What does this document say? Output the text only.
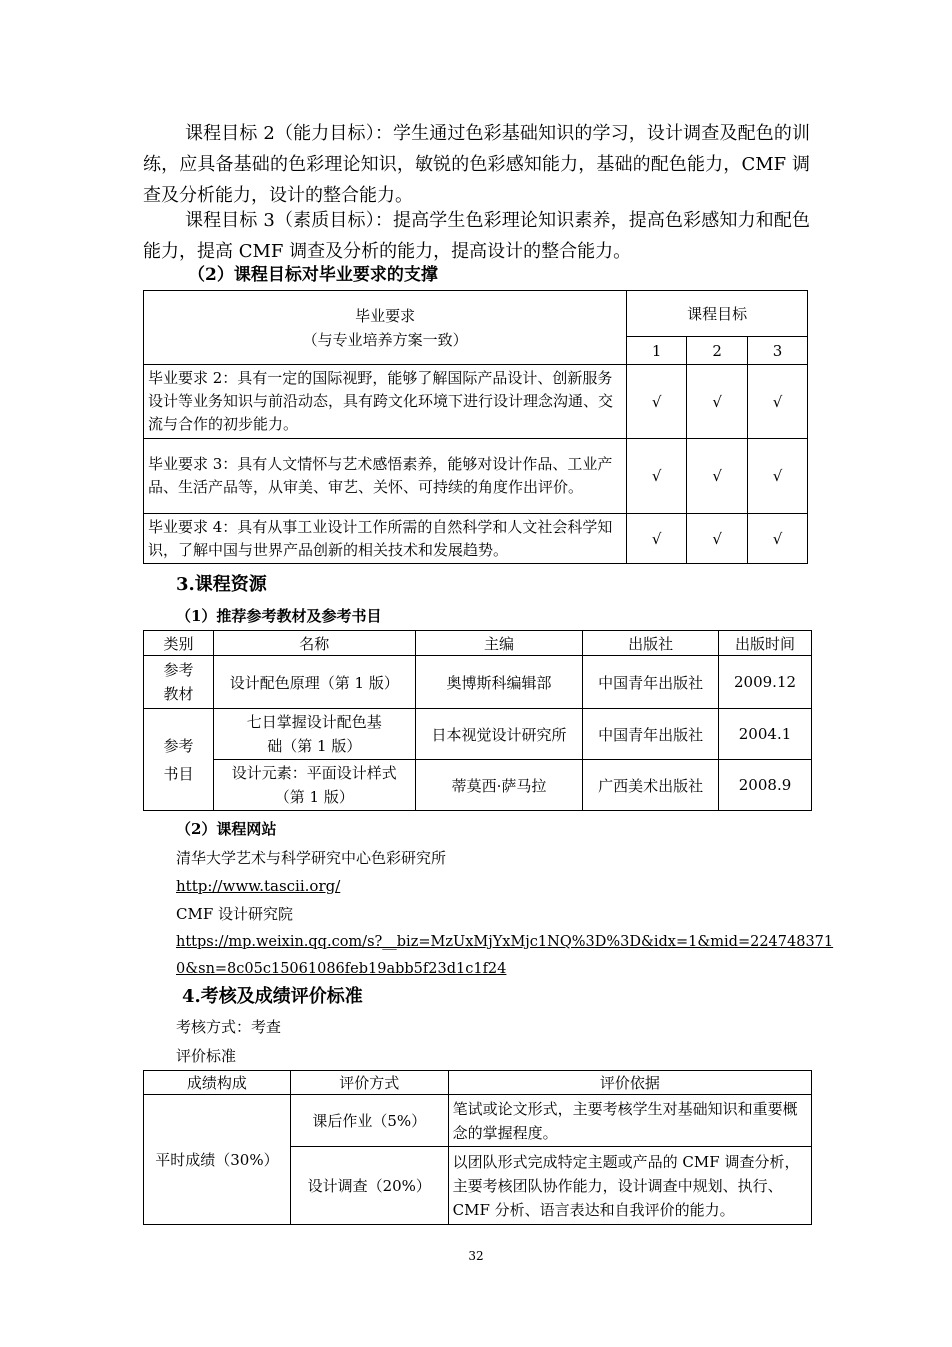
课程目标 2（能力目标）：学生通过色彩基础知识的学习，设计调查及配色的训练，应具备基础的色彩理论知识，敏锐的色彩感知能力，基础的配色能力，CMF 调查及分析能力，设计的整合能力。

课程目标 3（素质目标）：提高学生色彩理论知识素养，提高色彩感知力和配色能力，提高 CMF 调查及分析的能力，提高设计的整合能力。

（2）课程目标对毕业要求的支撑

毕业要求
（与专业培养方案一致）	课程目标		
	1	2	3
毕业要求 2：具有一定的国际视野，能够了解国际产品设计、创新服务设计等业务知识与前沿动态，具有跨文化环境下进行设计理念沟通、交流与合作的初步能力。	√	√	√
毕业要求 3：具有人文情怀与艺术感悟素养，能够对设计作品、工业产品、生活产品等，从审美、审艺、关怀、可持续的角度作出评价。	√	√	√
毕业要求 4：具有从事工业设计工作所需的自然科学和人文社会科学知识，了解中国与世界产品创新的相关技术和发展趋势。	√	√	√

3.课程资源

（1）推荐参考教材及参考书目

类别	名称	主编	出版社	出版时间
参考教材	设计配色原理（第 1 版）	奥博斯科编辑部	中国青年出版社	2009.12
参考书目	七日掌握设计配色基础（第 1 版）	日本视觉设计研究所	中国青年出版社	2004.1
	设计元素：平面设计样式（第 1 版）	蒂莫西·萨马拉	广西美术出版社	2008.9

（2）课程网站

清华大学艺术与科学研究中心色彩研究所

http://www.tascii.org/

CMF 设计研究院

https://mp.weixin.qq.com/s?__biz=MzUxMjYxMjc1NQ%3D%3D&idx=1&mid=224748371

0&sn=8c05c15061086feb19abb5f23d1c1f24

4.考核及成绩评价标准

考核方式：考查

评价标准

成绩构成	评价方式	评价依据
平时成绩（30%）	课后作业（5%）	笔试或论文形式，主要考核学生对基础知识和重要概念的掌握程度。
	设计调查（20%）	以团队形式完成特定主题或产品的 CMF 调查分析，主要考核团队协作能力，设计调查中规划、执行、CMF 分析、语言表达和自我评价的能力。
32
